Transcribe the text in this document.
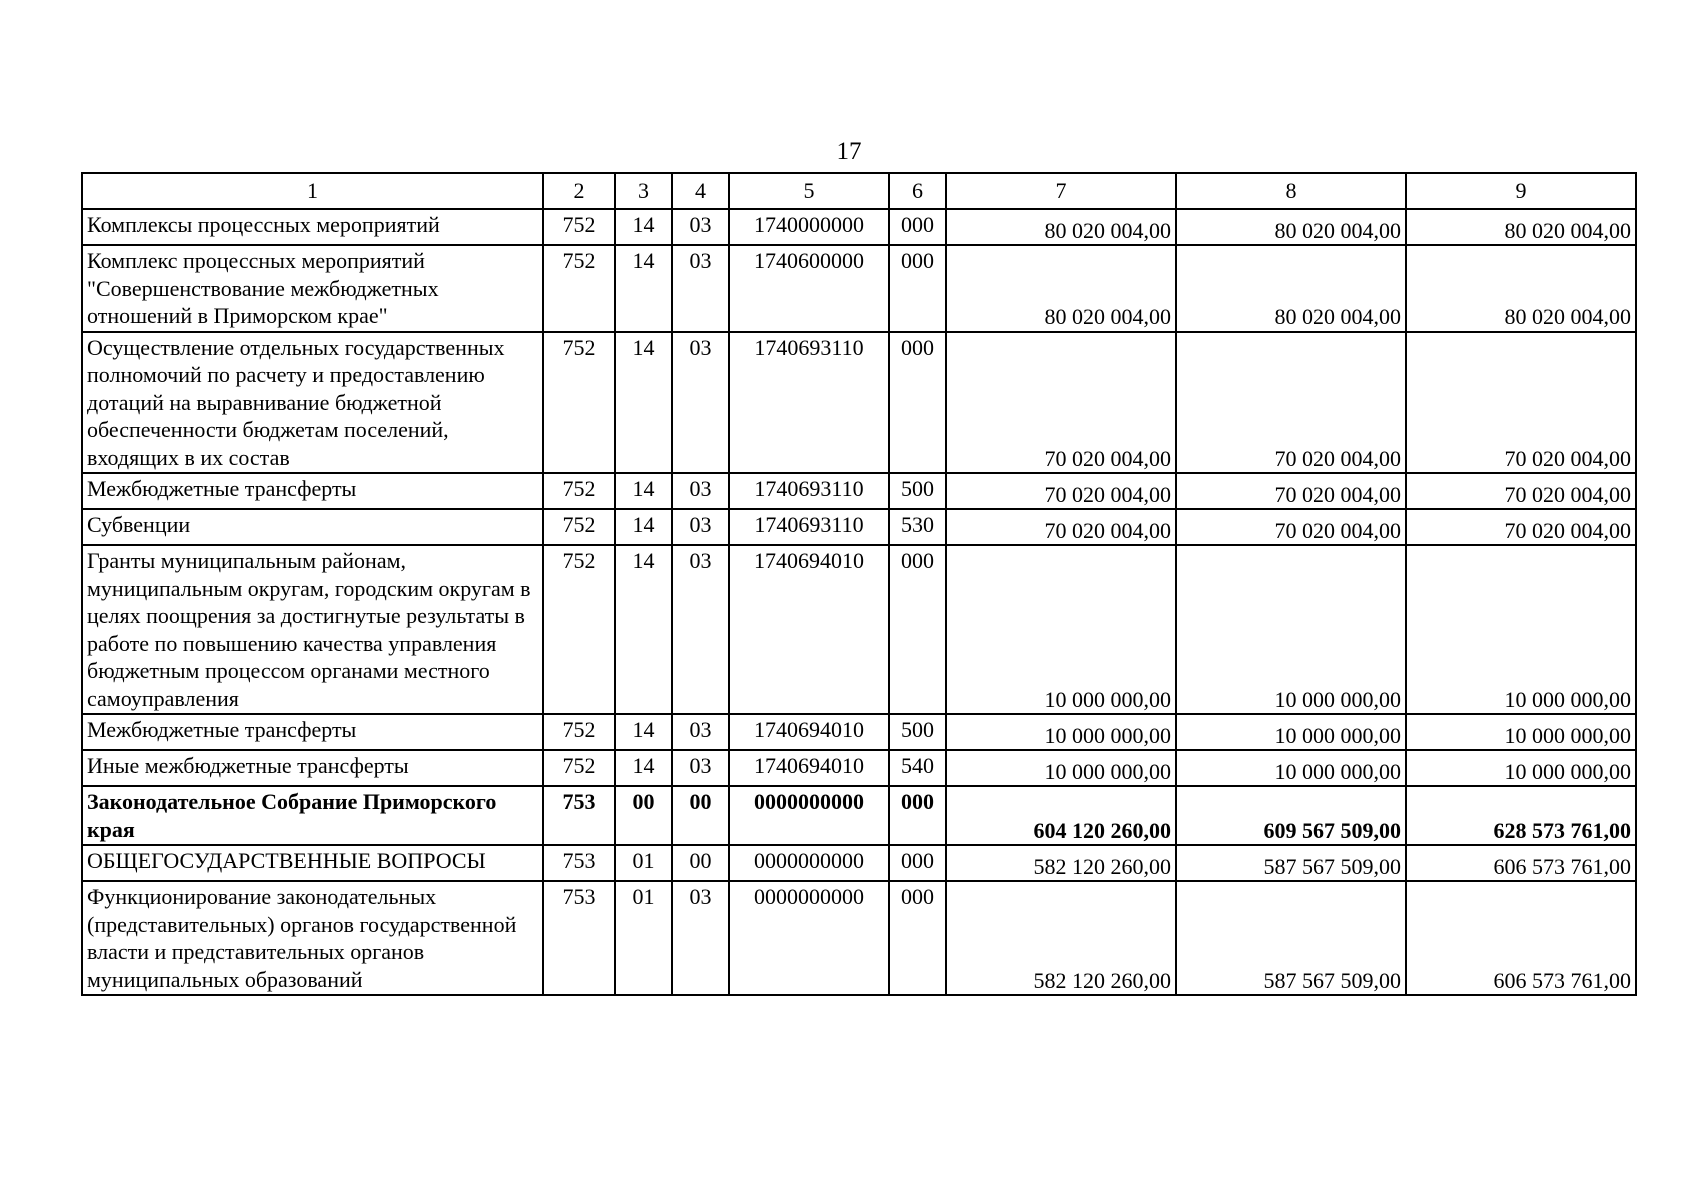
17
1	2	3	4	5	6	7	8	9
Комплексы процессных мероприятий	752	14	03	1740000000	000	80 020 004,00	80 020 004,00	80 020 004,00
Комплекс процессных мероприятий "Совершенствование межбюджетных отношений в Приморском крае"	752	14	03	1740600000	000	80 020 004,00	80 020 004,00	80 020 004,00
Осуществление отдельных государственных полномочий по расчету и предоставлению дотаций на выравнивание бюджетной обеспеченности бюджетам поселений, входящих в их состав	752	14	03	1740693110	000	70 020 004,00	70 020 004,00	70 020 004,00
Межбюджетные трансферты	752	14	03	1740693110	500	70 020 004,00	70 020 004,00	70 020 004,00
Субвенции	752	14	03	1740693110	530	70 020 004,00	70 020 004,00	70 020 004,00
Гранты муниципальным районам, муниципальным округам, городским округам в целях поощрения за достигнутые результаты в работе по повышению качества управления бюджетным процессом органами местного самоуправления	752	14	03	1740694010	000	10 000 000,00	10 000 000,00	10 000 000,00
Межбюджетные трансферты	752	14	03	1740694010	500	10 000 000,00	10 000 000,00	10 000 000,00
Иные межбюджетные трансферты	752	14	03	1740694010	540	10 000 000,00	10 000 000,00	10 000 000,00
Законодательное Собрание Приморского края	753	00	00	0000000000	000	604 120 260,00	609 567 509,00	628 573 761,00
ОБЩЕГОСУДАРСТВЕННЫЕ ВОПРОСЫ	753	01	00	0000000000	000	582 120 260,00	587 567 509,00	606 573 761,00
Функционирование законодательных (представительных) органов государственной власти и представительных органов муниципальных образований	753	01	03	0000000000	000	582 120 260,00	587 567 509,00	606 573 761,00
